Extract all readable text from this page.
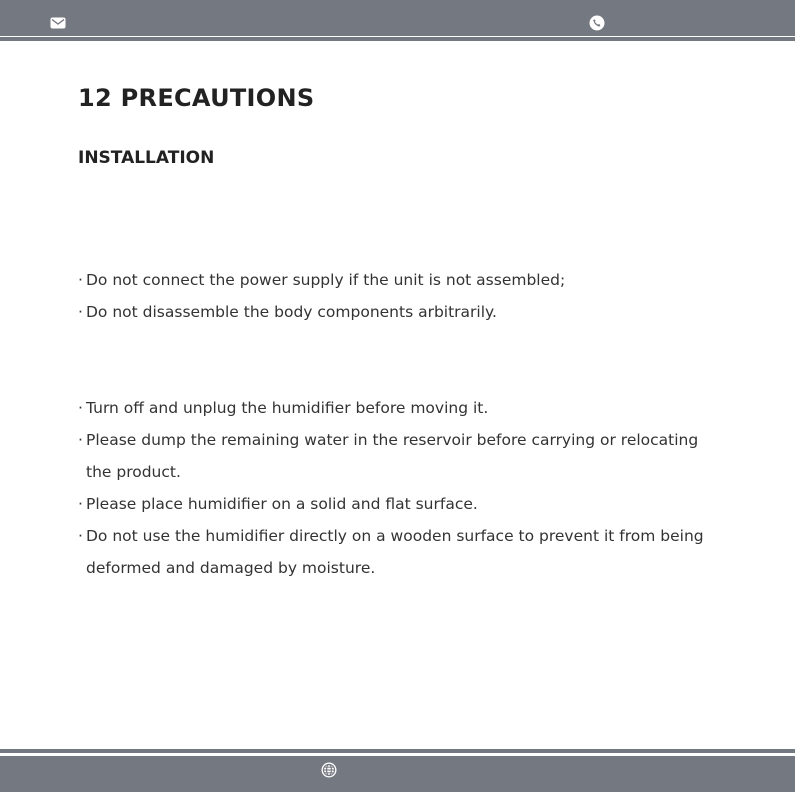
12 PRECAUTIONS
INSTALLATION
· Do not connect the power supply if the unit is not assembled;
· Do not disassemble the body components arbitrarily.
· Turn off and unplug the humidifier before moving it.
· Please dump the remaining water in the reservoir before carrying or relocating the product.
· Please place humidifier on a solid and flat surface.
· Do not use the humidifier directly on a wooden surface to prevent it from being deformed and damaged by moisture.
